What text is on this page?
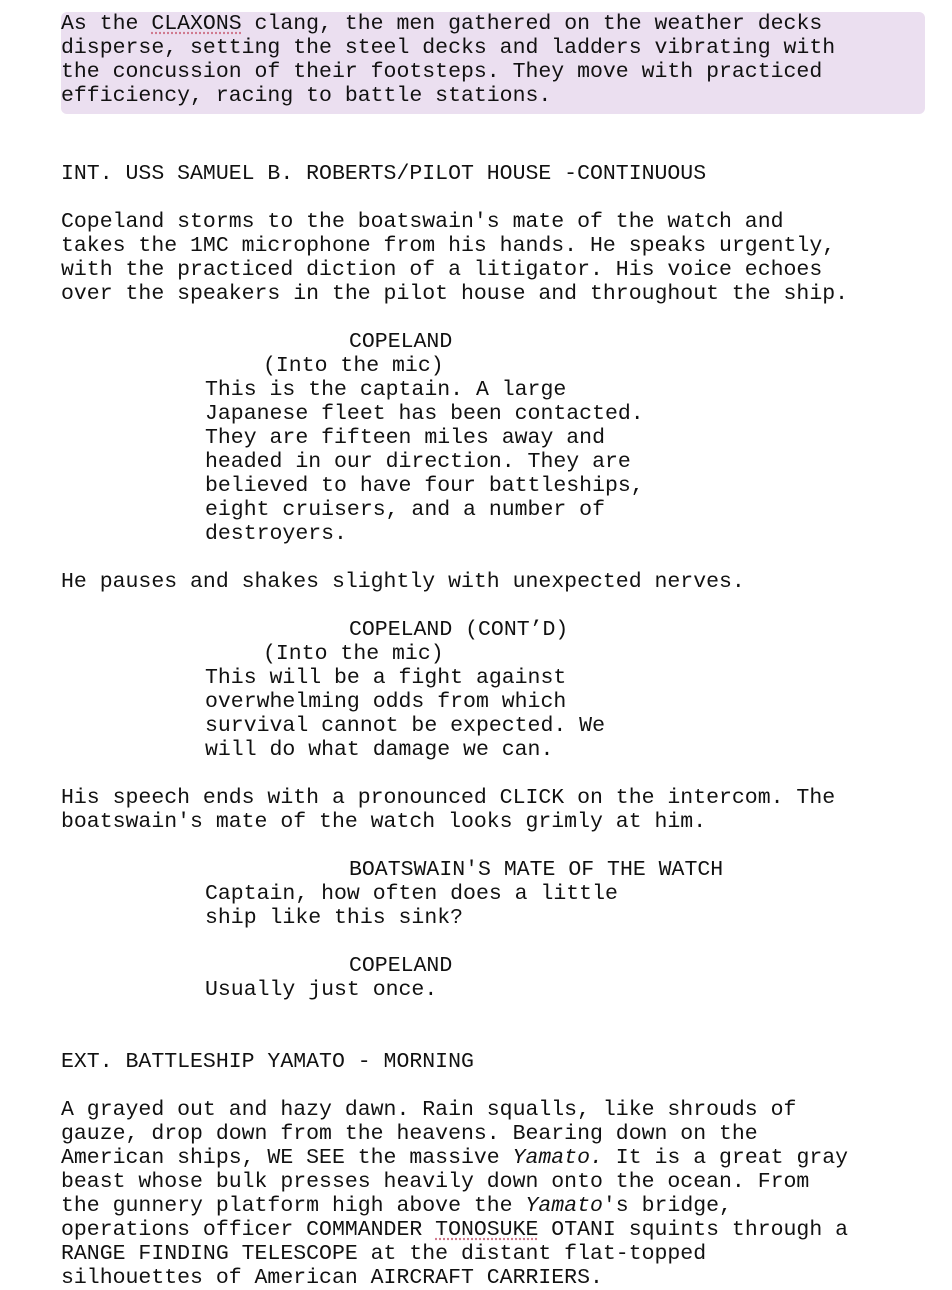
As the CLAXONS clang, the men gathered on the weather decks
disperse, setting the steel decks and ladders vibrating with
the concussion of their footsteps. They move with practiced
efficiency, racing to battle stations.
INT. USS SAMUEL B. ROBERTS/PILOT HOUSE -CONTINUOUS
Copeland storms to the boatswain's mate of the watch and
takes the 1MC microphone from his hands. He speaks urgently,
with the practiced diction of a litigator. His voice echoes
over the speakers in the pilot house and throughout the ship.
COPELAND
(Into the mic)
This is the captain. A large
Japanese fleet has been contacted.
They are fifteen miles away and
headed in our direction. They are
believed to have four battleships,
eight cruisers, and a number of
destroyers.
He pauses and shakes slightly with unexpected nerves.
COPELAND (CONT’D)
(Into the mic)
This will be a fight against
overwhelming odds from which
survival cannot be expected. We
will do what damage we can.
His speech ends with a pronounced CLICK on the intercom. The
boatswain's mate of the watch looks grimly at him.
BOATSWAIN'S MATE OF THE WATCH
Captain, how often does a little
ship like this sink?
COPELAND
Usually just once.
EXT. BATTLESHIP YAMATO - MORNING
A grayed out and hazy dawn. Rain squalls, like shrouds of
gauze, drop down from the heavens. Bearing down on the
American ships, WE SEE the massive Yamato. It is a great gray
beast whose bulk presses heavily down onto the ocean. From
the gunnery platform high above the Yamato's bridge,
operations officer COMMANDER TONOSUKE OTANI squints through a
RANGE FINDING TELESCOPE at the distant flat-topped
silhouettes of American AIRCRAFT CARRIERS.
